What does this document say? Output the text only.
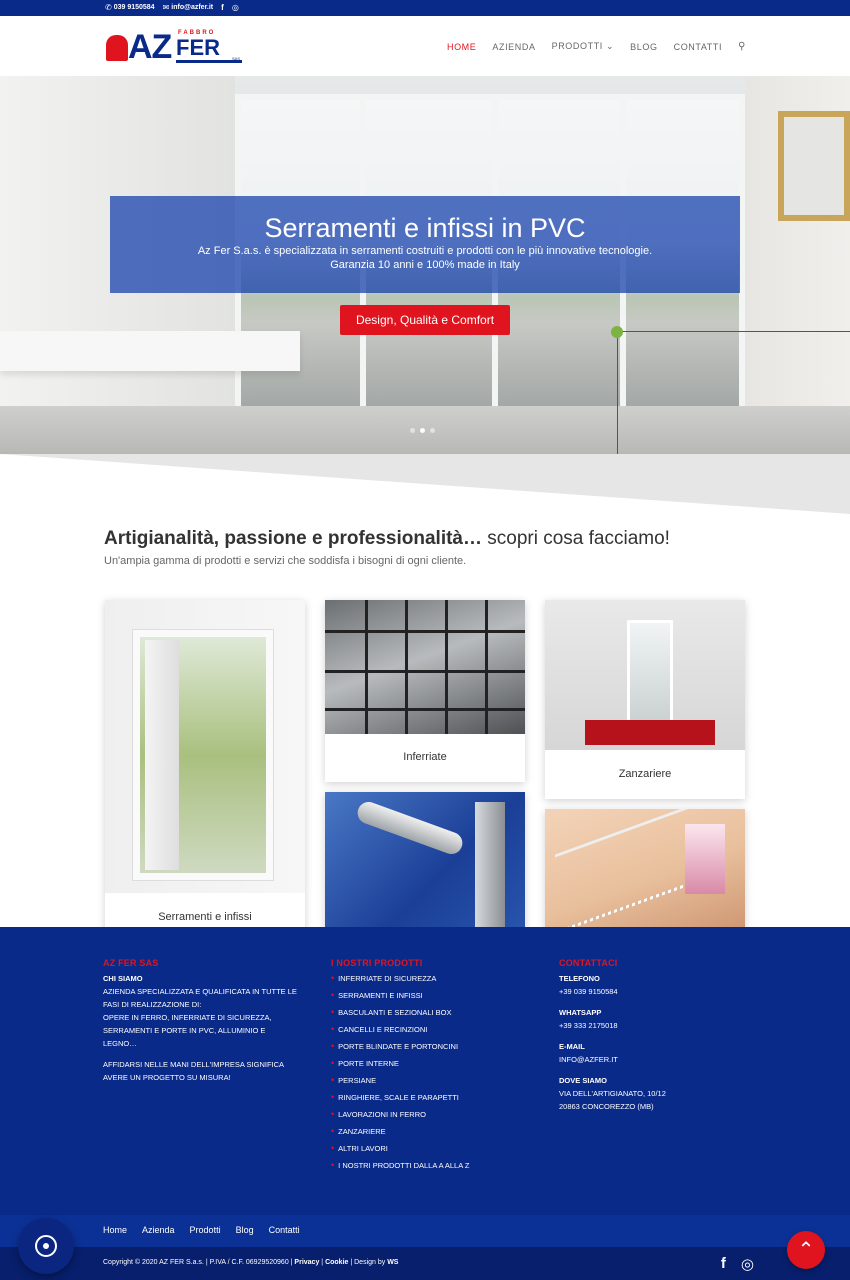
✆ 039 9150584 ✉ info@azfer.it f ◎
AZ FABBRO
FER	SAS
HOME AZIENDA PRODOTTI ⌄ BLOG CONTATTI ⚲
Serramenti e infissi in PVC

Az Fer S.a.s. è specializzata in serramenti costruiti e prodotti con le più innovative tecnologie.

Garanzia 10 anni e 100% made in Italy

Design, Qualità e Comfort
Artigianalità, passione e professionalità… scopri cosa facciamo!

Un'ampia gamma di prodotti e servizi che soddisfa i bisogni di ogni cliente.

Serramenti e infissi
Inferriate
Zanzariere
AZ FER SAS
CHI SIAMO
AZIENDA SPECIALIZZATA E QUALIFICATA IN TUTTE LE
FASI DI REALIZZAZIONE DI:
OPERE IN FERRO, INFERRIATE DI SICUREZZA,
SERRAMENTI E PORTE IN PVC, ALLUMINIO E
LEGNO…
AFFIDARSI NELLE MANI DELL'IMPRESA SIGNIFICA
AVERE UN PROGETTO SU MISURA!
I NOSTRI PRODOTTI
• INFERRIATE DI SICUREZZA
• SERRAMENTI E INFISSI
• BASCULANTI E SEZIONALI BOX
• CANCELLI E RECINZIONI
• PORTE BLINDATE E PORTONCINI
• PORTE INTERNE
• PERSIANE
• RINGHIERE, SCALE E PARAPETTI
• LAVORAZIONI IN FERRO
• ZANZARIERE
• ALTRI LAVORI
• I NOSTRI PRODOTTI DALLA A ALLA Z
CONTATTACI
TELEFONO
+39 039 9150584
WHATSAPP
+39 333 2175018
E-MAIL
INFO@AZFER.IT
DOVE SIAMO
VIA DELL'ARTIGIANATO, 10/12
20863 CONCOREZZO (MB)
Home Azienda Prodotti Blog Contatti
Copyright © 2020 AZ FER S.a.s. | P.IVA / C.F. 06929520960 | Privacy | Cookie | Design by WS	f ◎
⌃
